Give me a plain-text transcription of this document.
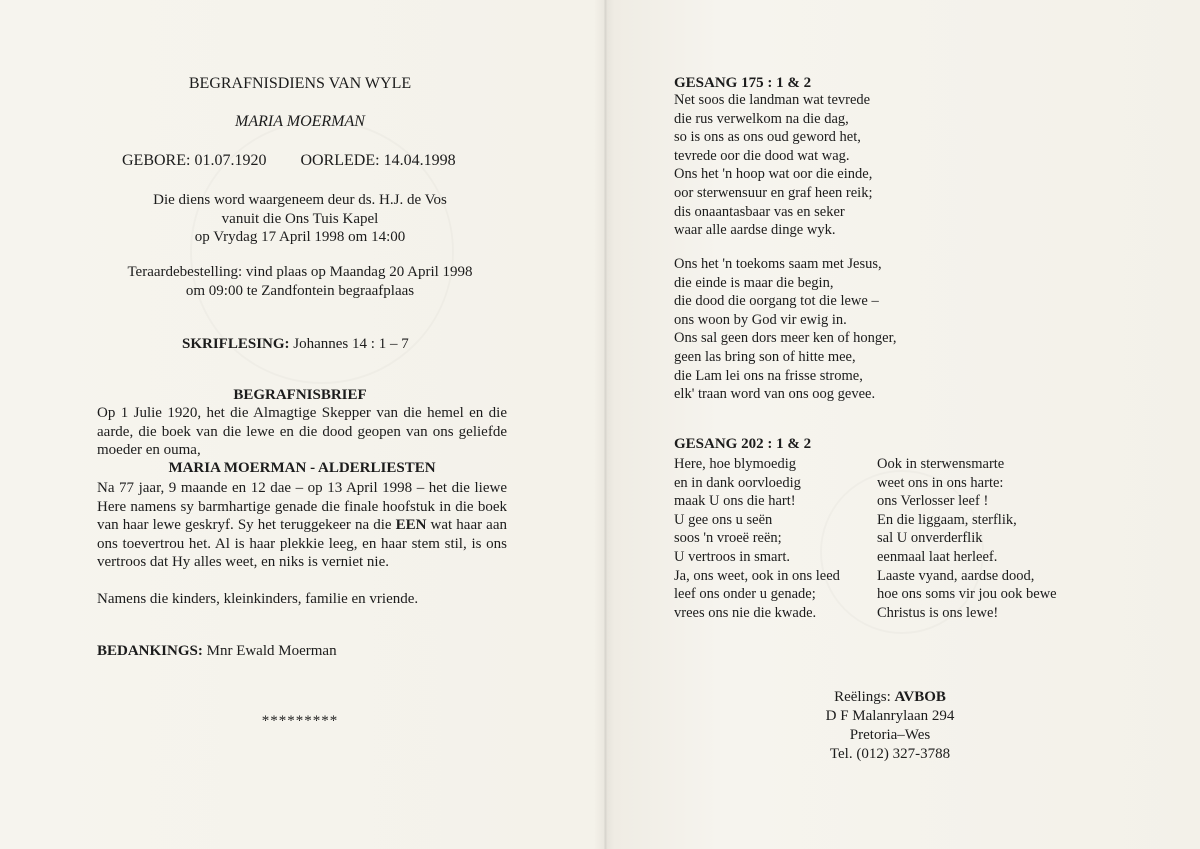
BEGRAFNISDIENS VAN WYLE
MARIA MOERMAN
GEBORE: 01.07.1920 OORLEDE: 14.04.1998
Die diens word waargeneem deur ds. H.J. de Vos
vanuit die Ons Tuis Kapel
op Vrydag 17 April 1998 om 14:00
Teraardebestelling: vind plaas op Maandag 20 April 1998
om 09:00 te Zandfontein begraafplaas
SKRIFLESING: Johannes 14 : 1 – 7
BEGRAFNISBRIEF
Op 1 Julie 1920, het die Almagtige Skepper van die hemel en die aarde, die boek van die lewe en die dood geopen van ons geliefde moeder en ouma,
MARIA MOERMAN - ALDERLIESTEN
Na 77 jaar, 9 maande en 12 dae – op 13 April 1998 – het die liewe Here namens sy barmhartige genade die finale hoofstuk in die boek van haar lewe geskryf. Sy het teruggekeer na die EEN wat haar aan ons toevertrou het. Al is haar plekkie leeg, en haar stem stil, is ons vertroos dat Hy alles weet, en niks is verniet nie.
Namens die kinders, kleinkinders, familie en vriende.
BEDANKINGS: Mnr Ewald Moerman
*********
GESANG 175 : 1 & 2
Net soos die landman wat tevrede
die rus verwelkom na die dag,
so is ons as ons oud geword het,
tevrede oor die dood wat wag.
Ons het 'n hoop wat oor die einde,
oor sterwensuur en graf heen reik;
dis onaantasbaar vas en seker
waar alle aardse dinge wyk.
Ons het 'n toekoms saam met Jesus,
die einde is maar die begin,
die dood die oorgang tot die lewe –
ons woon by God vir ewig in.
Ons sal geen dors meer ken of honger,
geen las bring son of hitte mee,
die Lam lei ons na frisse strome,
elk' traan word van ons oog gevee.
GESANG 202 : 1 & 2
Here, hoe blymoedig
en in dank oorvloedig
maak U ons die hart!
U gee ons u seën
soos 'n vroeë reën;
U vertroos in smart.
Ja, ons weet, ook in ons leed
leef ons onder u genade;
vrees ons nie die kwade.
Ook in sterwensmarte
weet ons in ons harte:
ons Verlosser leef !
En die liggaam, sterflik,
sal U onverderflik
eenmaal laat herleef.
Laaste vyand, aardse dood,
hoe ons soms vir jou ook bewe
Christus is ons lewe!
Reëlings: AVBOB
D F Malanrylaan 294
Pretoria–Wes
Tel. (012) 327-3788
